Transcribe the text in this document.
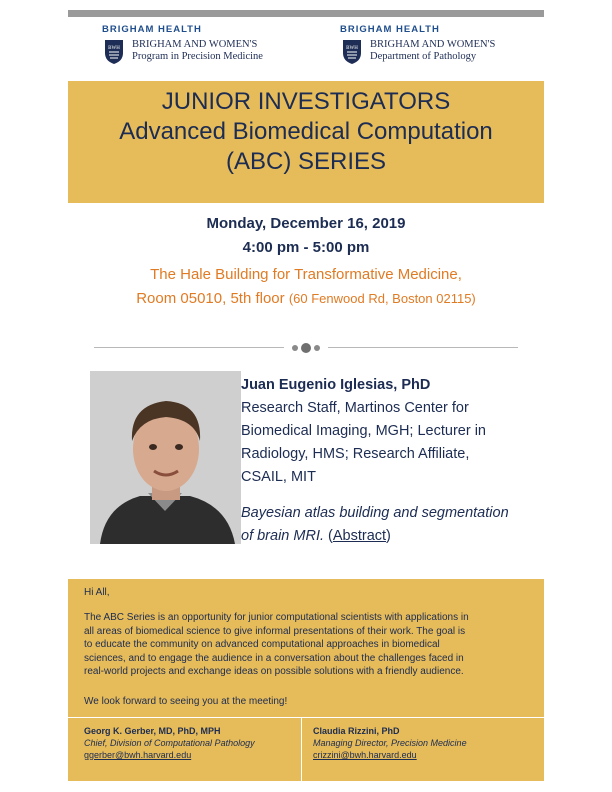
BRIGHAM HEALTH
BWH BRIGHAM AND WOMEN'S
Program in Precision Medicine
BRIGHAM HEALTH
BWH BRIGHAM AND WOMEN'S
Department of Pathology
JUNIOR INVESTIGATORS
Advanced Biomedical Computation
(ABC) SERIES
Monday, December 16, 2019
4:00 pm - 5:00 pm
The Hale Building for Transformative Medicine,
Room 05010, 5th floor (60 Fenwood Rd, Boston 02115)
Juan Eugenio Iglesias, PhD
Research Staff, Martinos Center for
Biomedical Imaging, MGH; Lecturer in
Radiology, HMS; Research Affiliate,
CSAIL, MIT
Bayesian atlas building and segmentation
of brain MRI. (Abstract)
Hi All,
The ABC Series is an opportunity for junior computational scientists with applications in
all areas of biomedical science to give informal presentations of their work. The goal is
to educate the community on advanced computational approaches in biomedical
sciences, and to engage the audience in a conversation about the challenges faced in
real-world projects and exchange ideas on possible solutions with a friendly audience.
We look forward to seeing you at the meeting!
Georg K. Gerber, MD, PhD, MPH
Chief, Division of Computational Pathology
ggerber@bwh.harvard.edu
Claudia Rizzini, PhD
Managing Director, Precision Medicine
crizzini@bwh.harvard.edu
